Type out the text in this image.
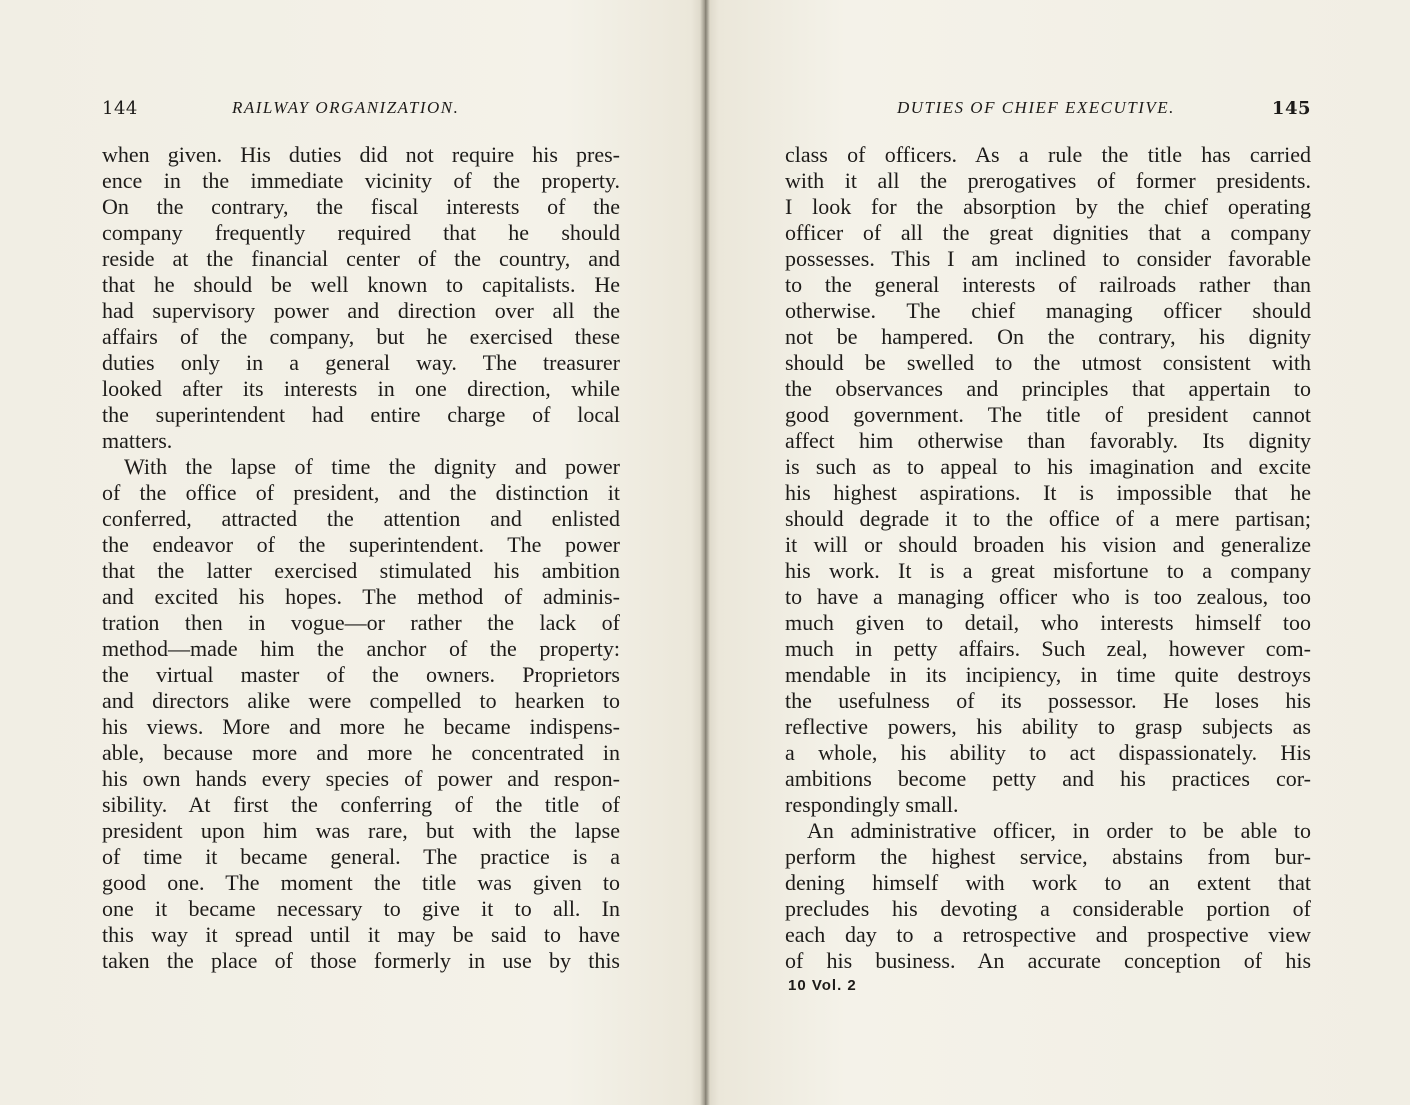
144	RAILWAY ORGANIZATION.
when given. His duties did not require his pres-
ence in the immediate vicinity of the property.
On the contrary, the fiscal interests of the
company frequently required that he should
reside at the financial center of the country, and
that he should be well known to capitalists. He
had supervisory power and direction over all the
affairs of the company, but he exercised these
duties only in a general way. The treasurer
looked after its interests in one direction, while
the superintendent had entire charge of local
matters.
With the lapse of time the dignity and power
of the office of president, and the distinction it
conferred, attracted the attention and enlisted
the endeavor of the superintendent. The power
that the latter exercised stimulated his ambition
and excited his hopes. The method of adminis-
tration then in vogue—or rather the lack of
method—made him the anchor of the property:
the virtual master of the owners. Proprietors
and directors alike were compelled to hearken to
his views. More and more he became indispens-
able, because more and more he concentrated in
his own hands every species of power and respon-
sibility. At first the conferring of the title of
president upon him was rare, but with the lapse
of time it became general. The practice is a
good one. The moment the title was given to
one it became necessary to give it to all. In
this way it spread until it may be said to have
taken the place of those formerly in use by this
DUTIES OF CHIEF EXECUTIVE.	145
class of officers. As a rule the title has carried
with it all the prerogatives of former presidents.
I look for the absorption by the chief operating
officer of all the great dignities that a company
possesses. This I am inclined to consider favorable
to the general interests of railroads rather than
otherwise. The chief managing officer should
not be hampered. On the contrary, his dignity
should be swelled to the utmost consistent with
the observances and principles that appertain to
good government. The title of president cannot
affect him otherwise than favorably. Its dignity
is such as to appeal to his imagination and excite
his highest aspirations. It is impossible that he
should degrade it to the office of a mere partisan;
it will or should broaden his vision and generalize
his work. It is a great misfortune to a company
to have a managing officer who is too zealous, too
much given to detail, who interests himself too
much in petty affairs. Such zeal, however com-
mendable in its incipiency, in time quite destroys
the usefulness of its possessor. He loses his
reflective powers, his ability to grasp subjects as
a whole, his ability to act dispassionately. His
ambitions become petty and his practices cor-
respondingly small.
An administrative officer, in order to be able to
perform the highest service, abstains from bur-
dening himself with work to an extent that
precludes his devoting a considerable portion of
each day to a retrospective and prospective view
of his business. An accurate conception of his
10 Vol. 2
